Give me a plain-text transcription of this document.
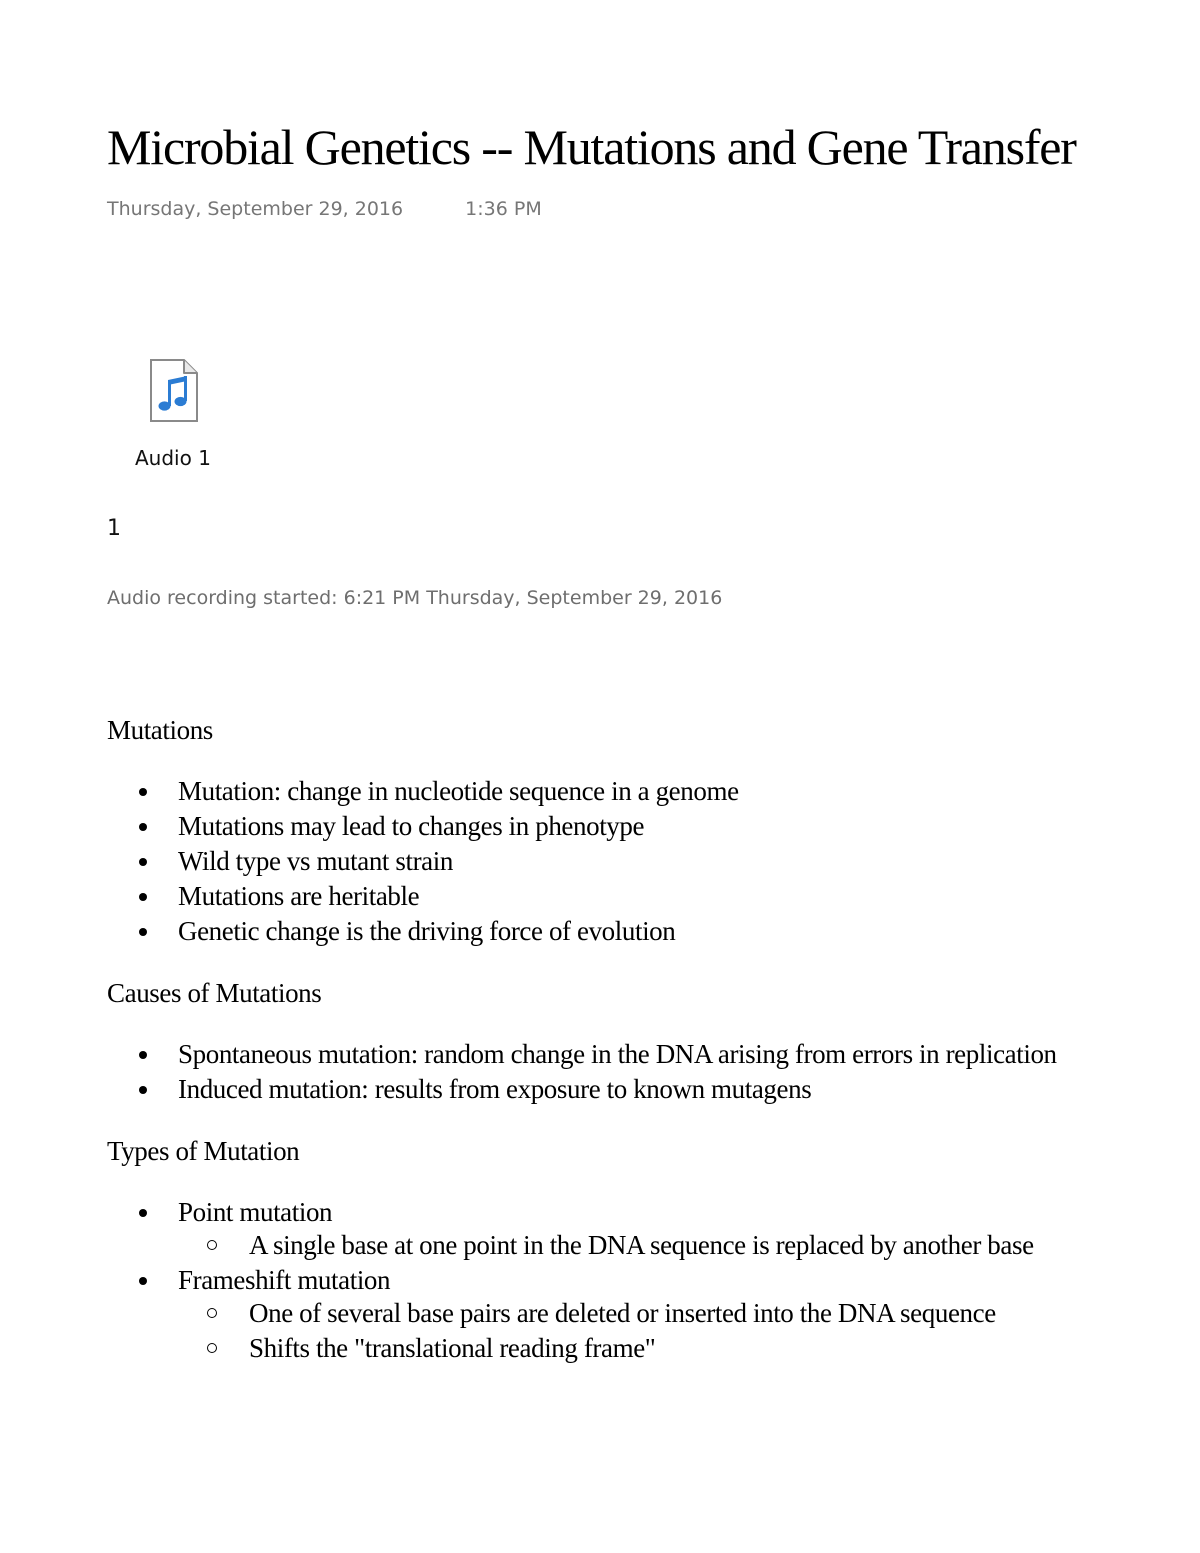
Microbial Genetics -- Mutations and Gene Transfer
Thursday, September 29, 2016	1:36 PM
Audio 1
1
Audio recording started: 6:21 PM Thursday, September 29, 2016
Mutations
Mutation: change in nucleotide sequence in a genome
Mutations may lead to changes in phenotype
Wild type vs mutant strain
Mutations are heritable
Genetic change is the driving force of evolution
Causes of Mutations
Spontaneous mutation: random change in the DNA arising from errors in replication
Induced mutation: results from exposure to known mutagens
Types of Mutation
Point mutation
A single base at one point in the DNA sequence is replaced by another base
Frameshift mutation
One of several base pairs are deleted or inserted into the DNA sequence
Shifts the "translational reading frame"
